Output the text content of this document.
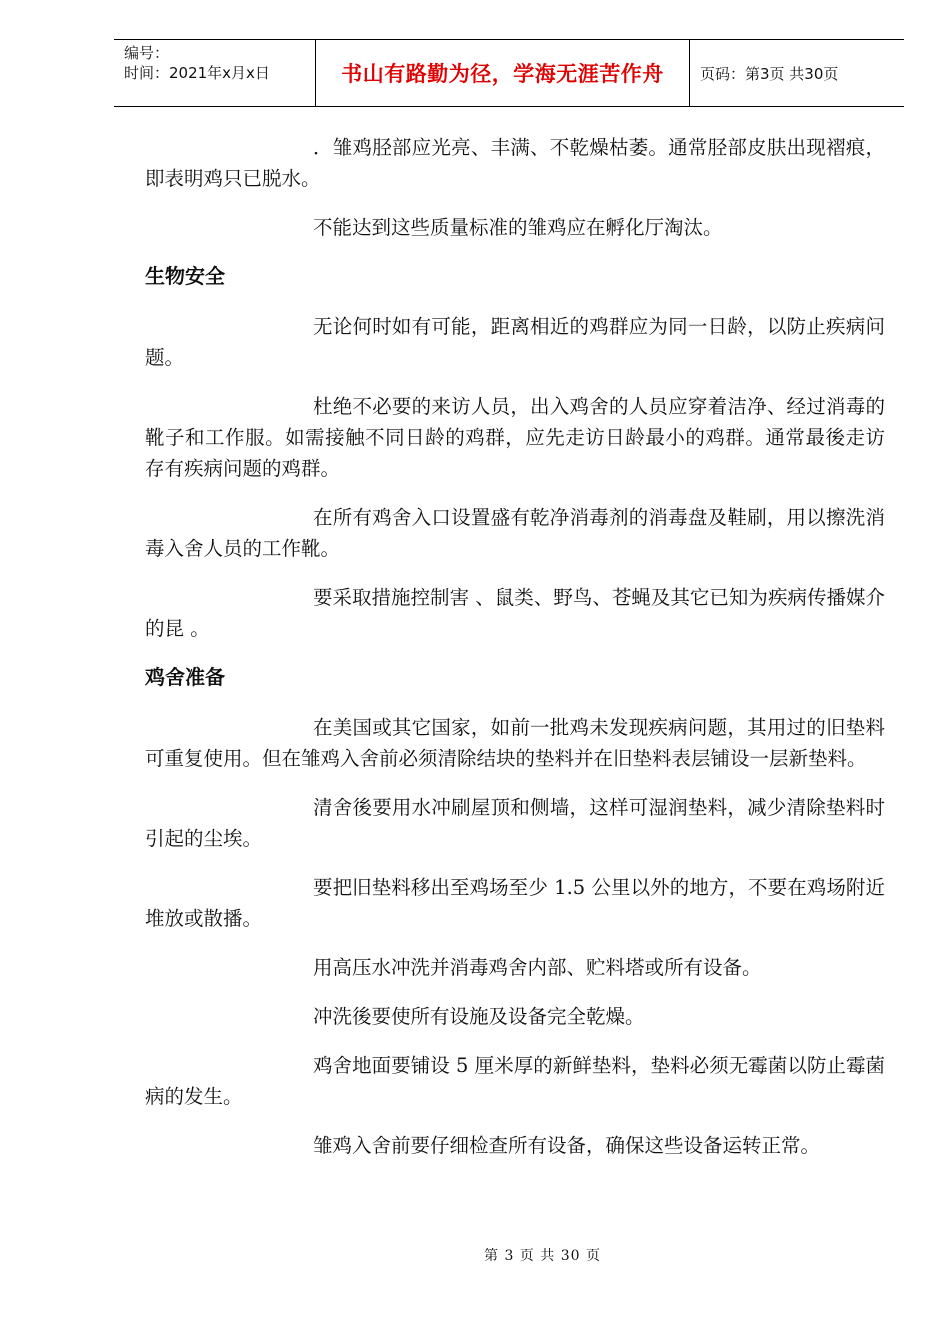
编号：
时间：2021年x月x日	书山有路勤为径，学海无涯苦作舟 页码：第3页 共30页

．雏鸡胫部应光亮、丰满、不乾燥枯萎。通常胫部皮肤出现褶痕，即表明鸡只已脱水。

不能达到这些质量标准的雏鸡应在孵化厅淘汰。

生物安全

无论何时如有可能，距离相近的鸡群应为同一日龄，以防止疾病问题。

杜绝不必要的来访人员，出入鸡舍的人员应穿着洁净、经过消毒的靴子和工作服。如需接触不同日龄的鸡群，应先走访日龄最小的鸡群。通常最後走访存有疾病问题的鸡群。

在所有鸡舍入口设置盛有乾净消毒剂的消毒盘及鞋刷，用以擦洗消毒入舍人员的工作靴。

要采取措施控制害 、鼠类、野鸟、苍蝇及其它已知为疾病传播媒介的昆 。

鸡舍准备

在美国或其它国家，如前一批鸡未发现疾病问题，其用过的旧垫料可重复使用。但在雏鸡入舍前必须清除结块的垫料并在旧垫料表层铺设一层新垫料。

清舍後要用水冲刷屋顶和侧墙，这样可湿润垫料，减少清除垫料时引起的尘埃。

要把旧垫料移出至鸡场至少 1.5 公里以外的地方，不要在鸡场附近堆放或散播。

用高压水冲洗并消毒鸡舍内部、贮料塔或所有设备。

冲洗後要使所有设施及设备完全乾燥。

鸡舍地面要铺设 5 厘米厚的新鲜垫料，垫料必须无霉菌以防止霉菌病的发生。

雏鸡入舍前要仔细检查所有设备，确保这些设备运转正常。

第 3 页 共 30 页
